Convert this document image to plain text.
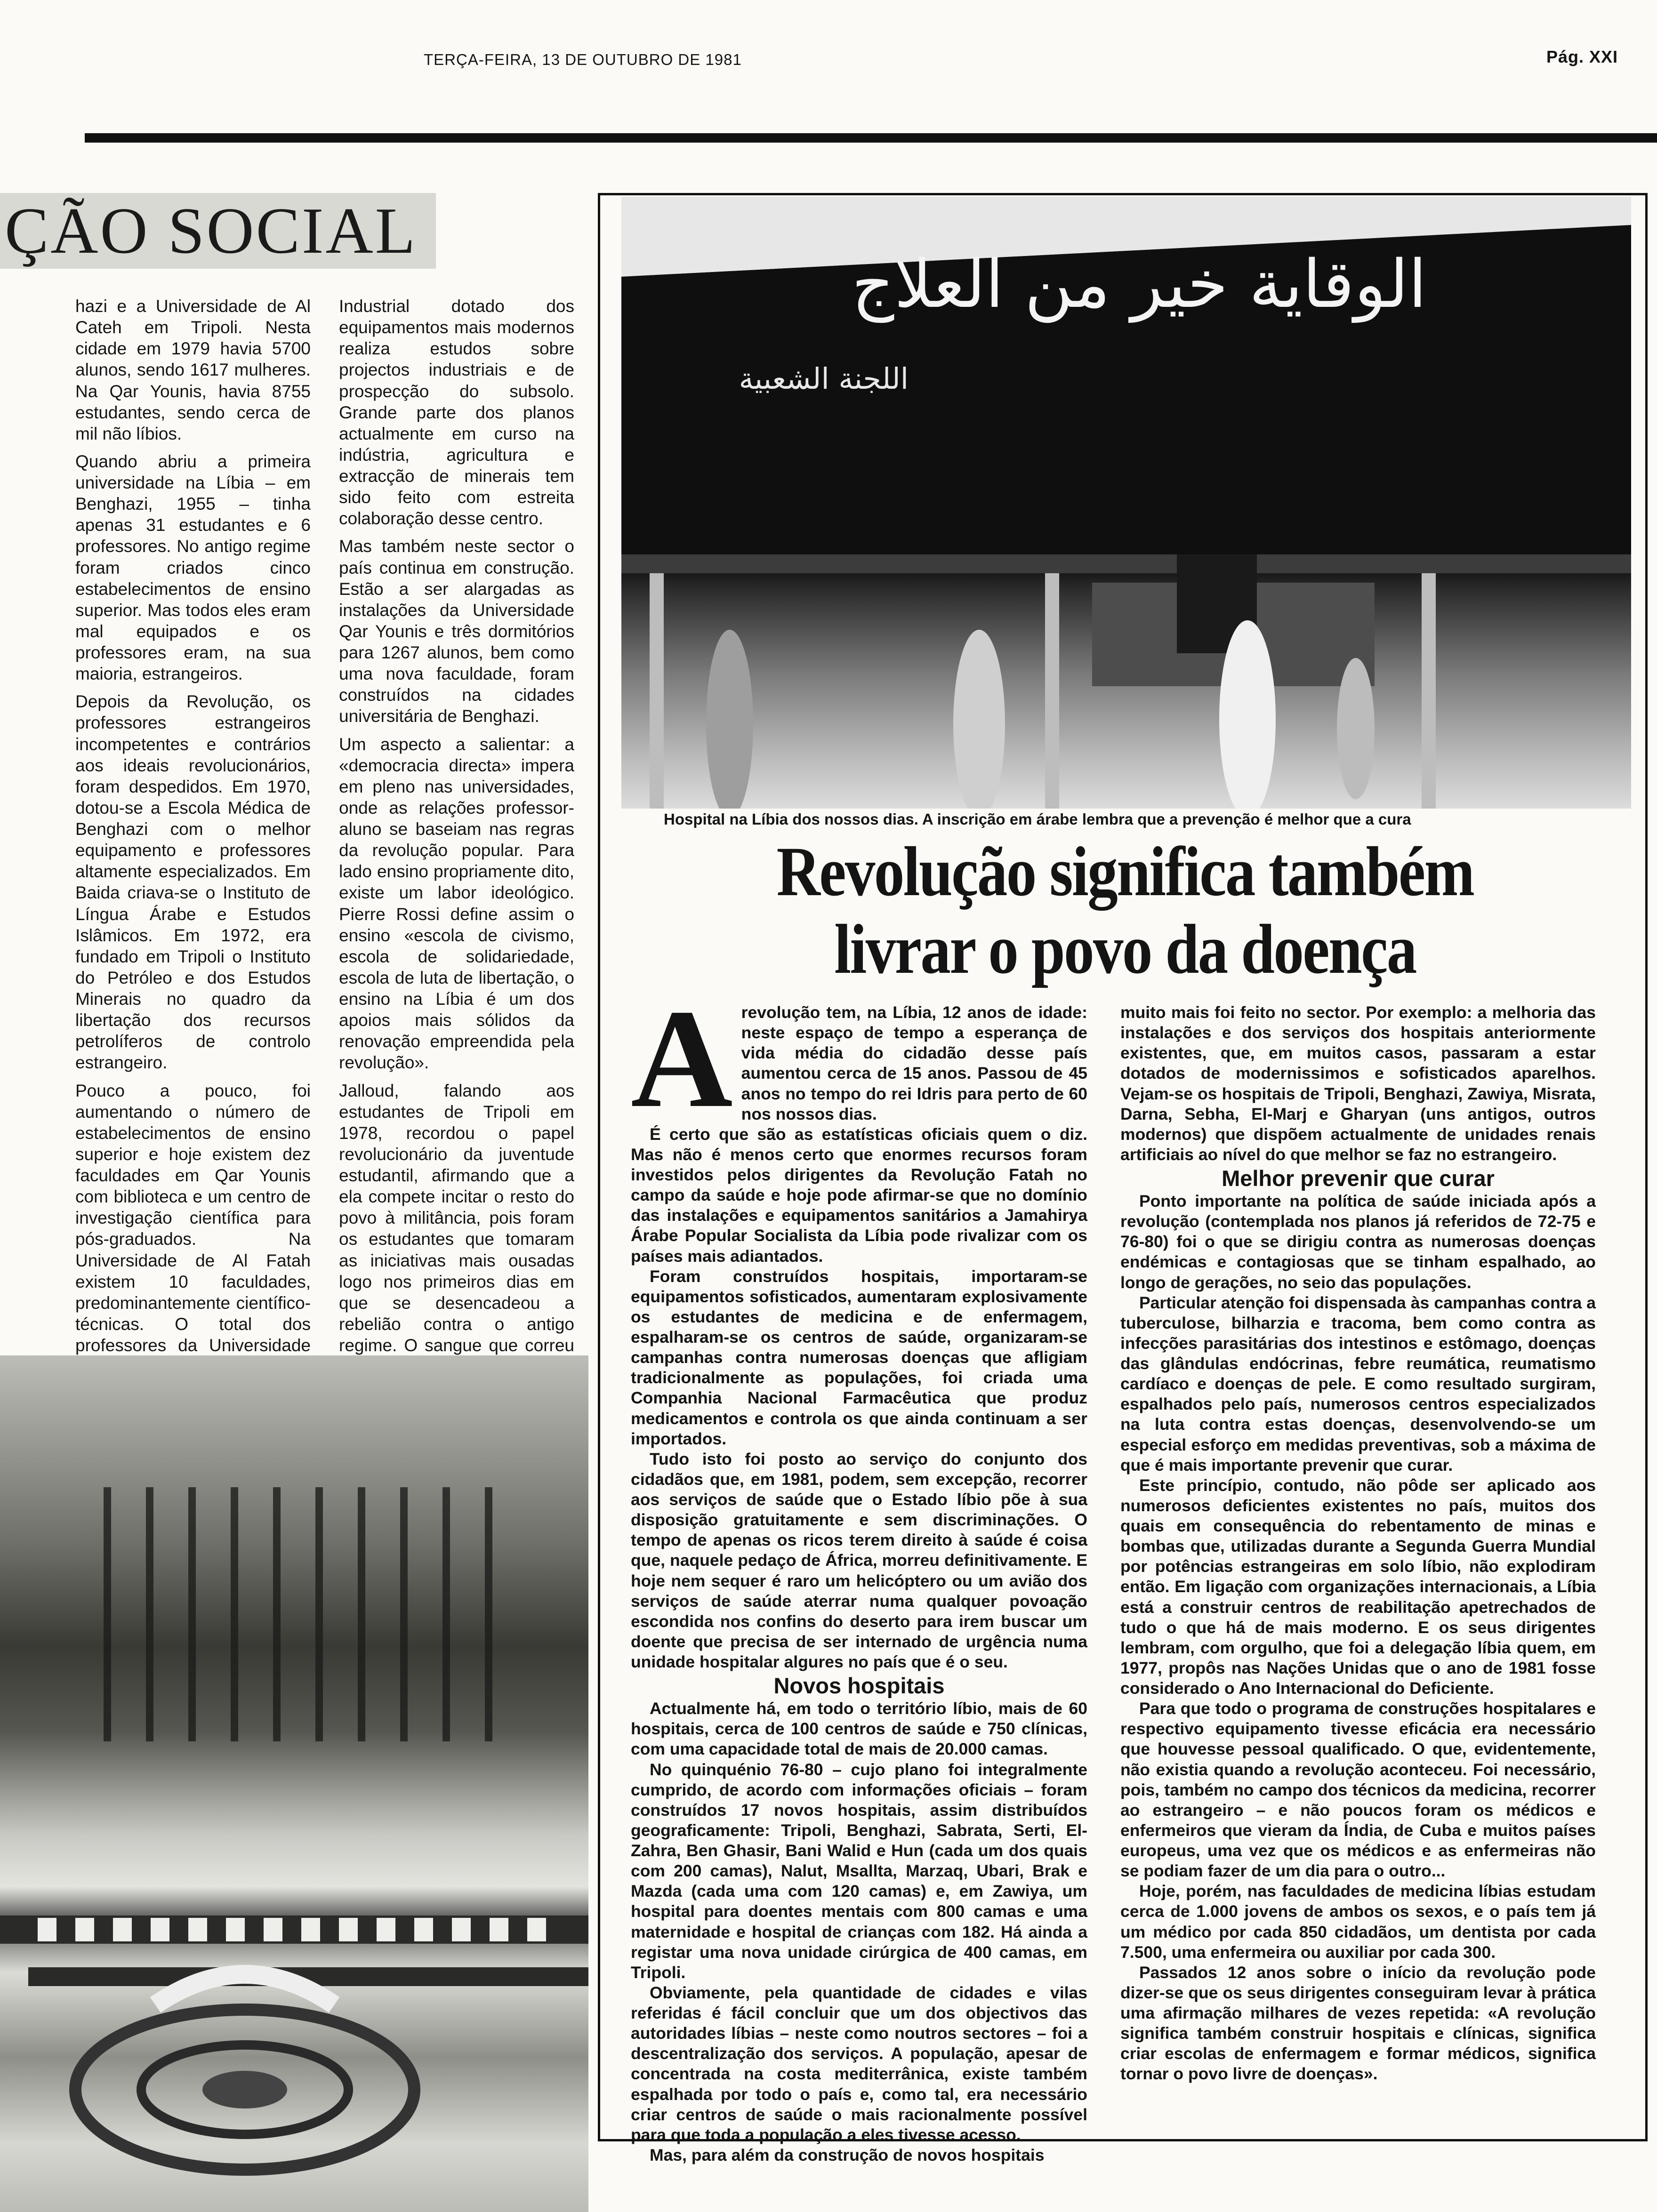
TERÇA-FEIRA, 13 DE OUTUBRO DE 1981	Pág. XXI
ÇÃO SOCIAL

hazi e a Universidade de Al Cateh em Tripoli. Nesta cidade em 1979 havia 5700 alunos, sendo 1617 mulheres. Na Qar Younis, havia 8755 estudantes, sendo cerca de mil não líbios.

Quando abriu a primeira universidade na Líbia – em Benghazi, 1955 – tinha apenas 31 estudantes e 6 professores. No antigo regime foram criados cinco estabelecimentos de ensino superior. Mas todos eles eram mal equipados e os professores eram, na sua maioria, estrangeiros.

Depois da Revolução, os professores estrangeiros incompetentes e contrários aos ideais revolucionários, foram despedidos. Em 1970, dotou-se a Escola Médica de Benghazi com o melhor equipamento e professores altamente especializados. Em Baida criava-se o Instituto de Língua Árabe e Estudos Islâmicos. Em 1972, era fundado em Tripoli o Instituto do Petróleo e dos Estudos Minerais no quadro da libertação dos recursos petrolíferos de controlo estrangeiro.

Pouco a pouco, foi aumentando o número de estabelecimentos de ensino superior e hoje existem dez faculdades em Qar Younis com biblioteca e um centro de investigação científica para pós-graduados. Na Universidade de Al Fatah existem 10 faculdades, predominantemente científico-técnicas. O total dos professores da Universidade

Industrial dotado dos equipamentos mais modernos realiza estudos sobre projectos industriais e de prospecção do subsolo. Grande parte dos planos actualmente em curso na indústria, agricultura e extracção de minerais tem sido feito com estreita colaboração desse centro.

Mas também neste sector o país continua em construção. Estão a ser alargadas as instalações da Universidade Qar Younis e três dormitórios para 1267 alunos, bem como uma nova faculdade, foram construídos na cidades universitária de Benghazi.

Um aspecto a salientar: a «democracia directa» impera em pleno nas universidades, onde as relações professor-aluno se baseiam nas regras da revolução popular. Para lado ensino propriamente dito, existe um labor ideológico. Pierre Rossi define assim o ensino «escola de civismo, escola de solidariedade, escola de luta de libertação, o ensino na Líbia é um dos apoios mais sólidos da renovação empreendida pela revolução».

Jalloud, falando aos estudantes de Tripoli em 1978, recordou o papel revolucionário da juventude estudantil, afirmando que a ela compete incitar o resto do povo à militância, pois foram os estudantes que tomaram as iniciativas mais ousadas logo nos primeiros dias em que se desencadeou a rebelião contra o antigo regime. O sangue que correu

الوقاية خير من العلاج
اللجنة الشعبية
Hospital na Líbia dos nossos dias. A inscrição em árabe lembra que a prevenção é melhor que a cura
Revolução significa também
livrar o povo da doença
A revolução tem, na Líbia, 12 anos de idade: neste espaço de tempo a esperança de vida média do cidadão desse país aumentou cerca de 15 anos. Passou de 45 anos no tempo do rei Idris para perto de 60 nos nossos dias.

É certo que são as estatísticas oficiais quem o diz. Mas não é menos certo que enormes recursos foram investidos pelos dirigentes da Revolução Fatah no campo da saúde e hoje pode afirmar-se que no domínio das instalações e equipamentos sanitários a Jamahirya Árabe Popular Socialista da Líbia pode rivalizar com os países mais adiantados.

Foram construídos hospitais, importaram-se equipamentos sofisticados, aumentaram explosivamente os estudantes de medicina e de enfermagem, espalharam-se os centros de saúde, organizaram-se campanhas contra numerosas doenças que afligiam tradicionalmente as populações, foi criada uma Companhia Nacional Farmacêutica que produz medicamentos e controla os que ainda continuam a ser importados.

Tudo isto foi posto ao serviço do conjunto dos cidadãos que, em 1981, podem, sem excepção, recorrer aos serviços de saúde que o Estado líbio põe à sua disposição gratuitamente e sem discriminações. O tempo de apenas os ricos terem direito à saúde é coisa que, naquele pedaço de África, morreu definitivamente. E hoje nem sequer é raro um helicóptero ou um avião dos serviços de saúde aterrar numa qualquer povoação escondida nos confins do deserto para irem buscar um doente que precisa de ser internado de urgência numa unidade hospitalar algures no país que é o seu.

Novos hospitais

Actualmente há, em todo o território líbio, mais de 60 hospitais, cerca de 100 centros de saúde e 750 clínicas, com uma capacidade total de mais de 20.000 camas.

No quinquénio 76-80 – cujo plano foi integralmente cumprido, de acordo com informações oficiais – foram construídos 17 novos hospitais, assim distribuídos geograficamente: Tripoli, Benghazi, Sabrata, Serti, El-Zahra, Ben Ghasir, Bani Walid e Hun (cada um dos quais com 200 camas), Nalut, Msallta, Marzaq, Ubari, Brak e Mazda (cada uma com 120 camas) e, em Zawiya, um hospital para doentes mentais com 800 camas e uma maternidade e hospital de crianças com 182. Há ainda a registar uma nova unidade cirúrgica de 400 camas, em Tripoli.

Obviamente, pela quantidade de cidades e vilas referidas é fácil concluir que um dos objectivos das autoridades líbias – neste como noutros sectores – foi a descentralização dos serviços. A população, apesar de concentrada na costa mediterrânica, existe também espalhada por todo o país e, como tal, era necessário criar centros de saúde o mais racionalmente possível para que toda a população a eles tivesse acesso.

Mas, para além da construção de novos hospitais

muito mais foi feito no sector. Por exemplo: a melhoria das instalações e dos serviços dos hospitais anteriormente existentes, que, em muitos casos, passaram a estar dotados de modernissimos e sofisticados aparelhos. Vejam-se os hospitais de Tripoli, Benghazi, Zawiya, Misrata, Darna, Sebha, El-Marj e Gharyan (uns antigos, outros modernos) que dispõem actualmente de unidades renais artificiais ao nível do que melhor se faz no estrangeiro.

Melhor prevenir que curar

Ponto importante na política de saúde iniciada após a revolução (contemplada nos planos já referidos de 72-75 e 76-80) foi o que se dirigiu contra as numerosas doenças endémicas e contagiosas que se tinham espalhado, ao longo de gerações, no seio das populações.

Particular atenção foi dispensada às campanhas contra a tuberculose, bilharzia e tracoma, bem como contra as infecções parasitárias dos intestinos e estômago, doenças das glândulas endócrinas, febre reumática, reumatismo cardíaco e doenças de pele. E como resultado surgiram, espalhados pelo país, numerosos centros especializados na luta contra estas doenças, desenvolvendo-se um especial esforço em medidas preventivas, sob a máxima de que é mais importante prevenir que curar.

Este princípio, contudo, não pôde ser aplicado aos numerosos deficientes existentes no país, muitos dos quais em consequência do rebentamento de minas e bombas que, utilizadas durante a Segunda Guerra Mundial por potências estrangeiras em solo líbio, não explodiram então. Em ligação com organizações internacionais, a Líbia está a construir centros de reabilitação apetrechados de tudo o que há de mais moderno. E os seus dirigentes lembram, com orgulho, que foi a delegação líbia quem, em 1977, propôs nas Nações Unidas que o ano de 1981 fosse considerado o Ano Internacional do Deficiente.

Para que todo o programa de construções hospitalares e respectivo equipamento tivesse eficácia era necessário que houvesse pessoal qualificado. O que, evidentemente, não existia quando a revolução aconteceu. Foi necessário, pois, também no campo dos técnicos da medicina, recorrer ao estrangeiro – e não poucos foram os médicos e enfermeiros que vieram da Índia, de Cuba e muitos países europeus, uma vez que os médicos e as enfermeiras não se podiam fazer de um dia para o outro...

Hoje, porém, nas faculdades de medicina líbias estudam cerca de 1.000 jovens de ambos os sexos, e o país tem já um médico por cada 850 cidadãos, um dentista por cada 7.500, uma enfermeira ou auxiliar por cada 300.

Passados 12 anos sobre o início da revolução pode dizer-se que os seus dirigentes conseguiram levar à prática uma afirmação milhares de vezes repetida: «A revolução significa também construir hospitais e clínicas, significa criar escolas de enfermagem e formar médicos, significa tornar o povo livre de doenças».
